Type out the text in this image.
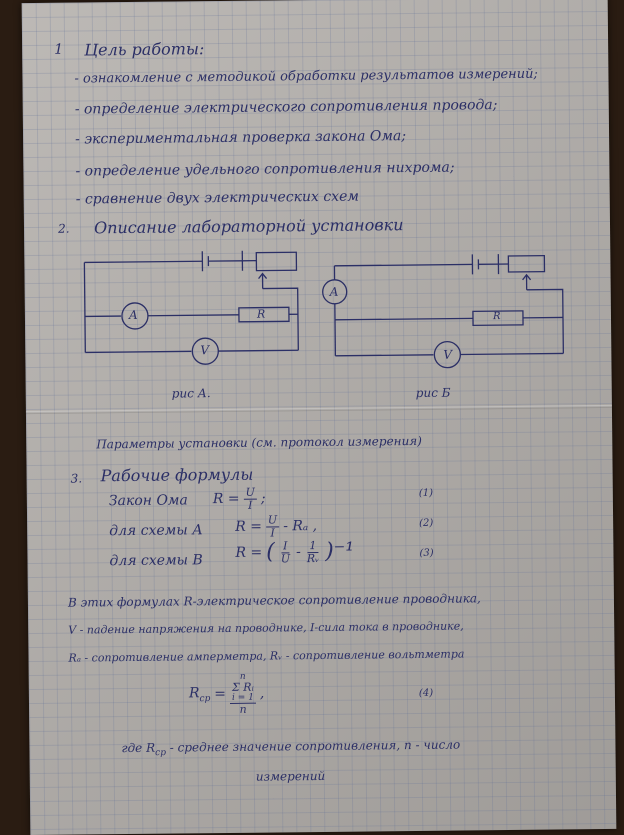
1 Цель работы:
- ознакомление с методикой обработки результатов измерений;
- определение электрического сопротивления провода;
- экспериментальная проверка закона Ома;
- определение удельного сопротивления нихрома;
- сравнение двух электрических схем
2. Описание лабораторной установки
A	R
V
рис А.
A
R
V
рис Б
Параметры установки (см. протокол измерения)
3. Рабочие формулы
Закон Ома $R = \frac{U}{I}$ ;	(1)
для схемы А $R = \frac{U}{I} - R_a$ ,	(2)
для схемы В R = ( $\frac{I}{U} - \frac{1}{\text{Rᵥ}} )^{-1}$	(3)
В этих формулах R-электрическое сопротивление проводника,
V - падение напряжения на проводнике, I-сила тока в проводнике,
Rₐ - сопротивление амперметра, Rᵥ - сопротивление вольтметра
$R_{ср} = n$
Σ Rᵢ
i = 1
n ,	(4)
где $R_{ср}$ - среднее значение сопротивления, n - число
измерений
